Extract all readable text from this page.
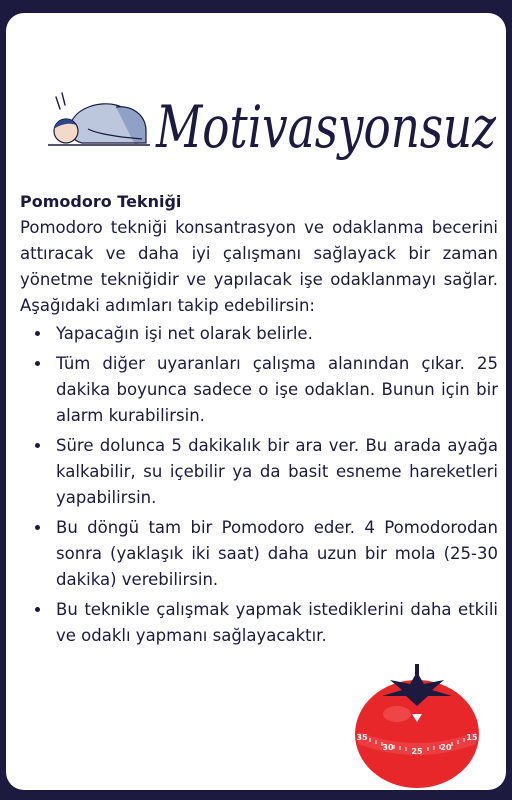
Motivasyonsuz

Pomodoro Tekniği

Pomodoro tekniği konsantrasyon ve odaklanma becerini attıracak ve daha iyi çalışmanı sağlayack bir zaman yönetme tekniğidir ve yapılacak işe odaklanmayı sağlar. Aşağıdaki adımları takip edebilirsin:

• Yapacağın işi net olarak belirle.
• Tüm diğer uyaranları çalışma alanından çıkar. 25 dakika boyunca sadece o işe odaklan. Bunun için bir alarm kurabilirsin.
• Süre dolunca 5 dakikalık bir ara ver. Bu arada ayağa kalkabilir, su içebilir ya da basit esneme hareketleri yapabilirsin.
• Bu döngü tam bir Pomodoro eder. 4 Pomodorodan sonra (yaklaşık iki saat) daha uzun bir mola (25-30 dakika) verebilirsin.
• Bu teknikle çalışmak yapmak istediklerini daha etkili ve odaklı yapmanı sağlayacaktır.
35
30 25 20
15
